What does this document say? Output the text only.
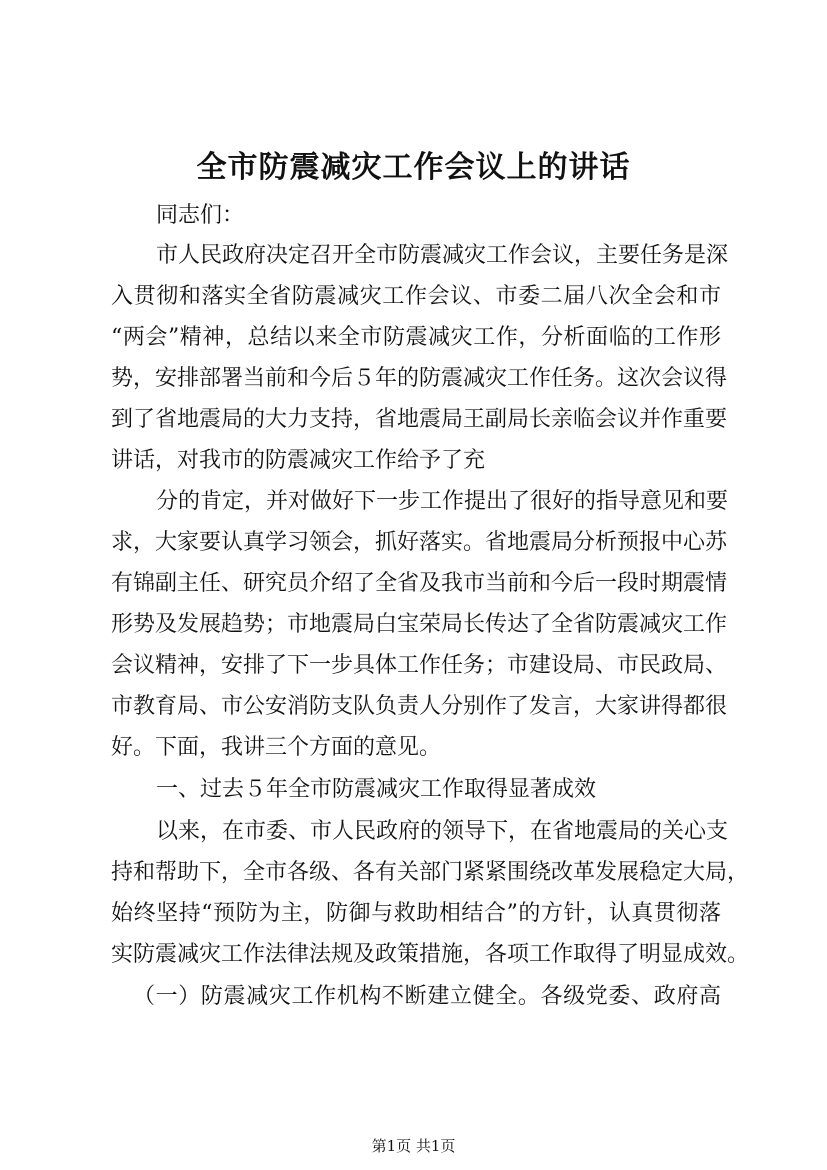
全市防震减灾工作会议上的讲话
同志们：
市人民政府决定召开全市防震减灾工作会议，主要任务是深
入贯彻和落实全省防震减灾工作会议、市委二届八次全会和市
“两会”精神，总结以来全市防震减灾工作，分析面临的工作形
势，安排部署当前和今后５年的防震减灾工作任务。这次会议得
到了省地震局的大力支持，省地震局王副局长亲临会议并作重要
讲话，对我市的防震减灾工作给予了充
分的肯定，并对做好下一步工作提出了很好的指导意见和要
求，大家要认真学习领会，抓好落实。省地震局分析预报中心苏
有锦副主任、研究员介绍了全省及我市当前和今后一段时期震情
形势及发展趋势；市地震局白宝荣局长传达了全省防震减灾工作
会议精神，安排了下一步具体工作任务；市建设局、市民政局、
市教育局、市公安消防支队负责人分别作了发言，大家讲得都很
好。下面，我讲三个方面的意见。
一、过去５年全市防震减灾工作取得显著成效
以来，在市委、市人民政府的领导下，在省地震局的关心支
持和帮助下，全市各级、各有关部门紧紧围绕改革发展稳定大局，
始终坚持“预防为主，防御与救助相结合”的方针，认真贯彻落
实防震减灾工作法律法规及政策措施，各项工作取得了明显成效。
（一）防震减灾工作机构不断建立健全。各级党委、政府高
第1页 共1页
